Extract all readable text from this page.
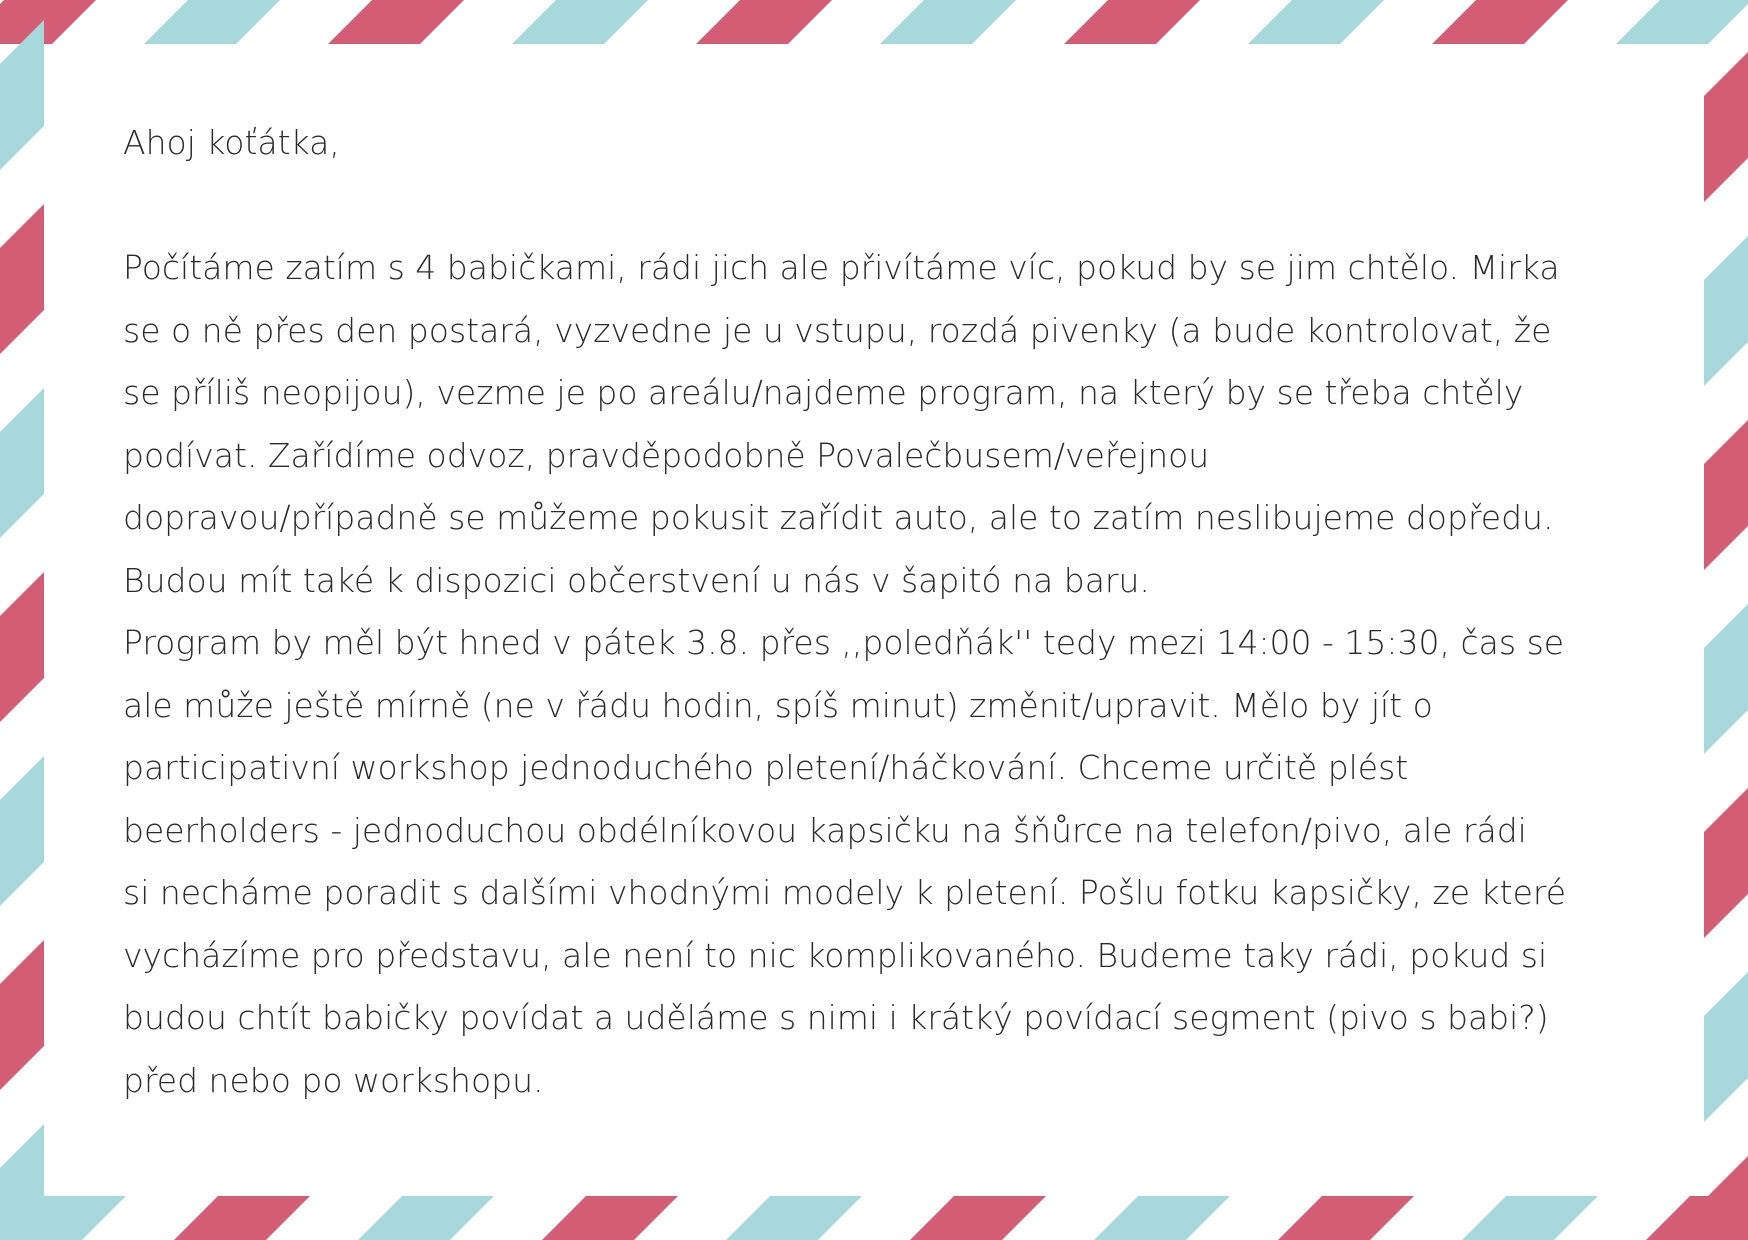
Ahoj koťátka,
Počítáme zatím s 4 babičkami, rádi jich ale přivítáme víc, pokud by se jim chtělo. Mirka
se o ně přes den postará, vyzvedne je u vstupu, rozdá pivenky (a bude kontrolovat, že
se příliš neopijou), vezme je po areálu/najdeme program, na který by se třeba chtěly
podívat. Zařídíme odvoz, pravděpodobně Povalečbusem/veřejnou
dopravou/případně se můžeme pokusit zařídit auto, ale to zatím neslibujeme dopředu.
Budou mít také k dispozici občerstvení u nás v šapitó na baru.
Program by měl být hned v pátek 3.8. přes ,,poledňák'' tedy mezi 14:00 - 15:30, čas se
ale může ještě mírně (ne v řádu hodin, spíš minut) změnit/upravit. Mělo by jít o
participativní workshop jednoduchého pletení/háčkování. Chceme určitě plést
beerholders - jednoduchou obdélníkovou kapsičku na šňůrce na telefon/pivo, ale rádi
si necháme poradit s dalšími vhodnými modely k pletení. Pošlu fotku kapsičky, ze které
vycházíme pro představu, ale není to nic komplikovaného. Budeme taky rádi, pokud si
budou chtít babičky povídat a uděláme s nimi i krátký povídací segment (pivo s babi?)
před nebo po workshopu.
